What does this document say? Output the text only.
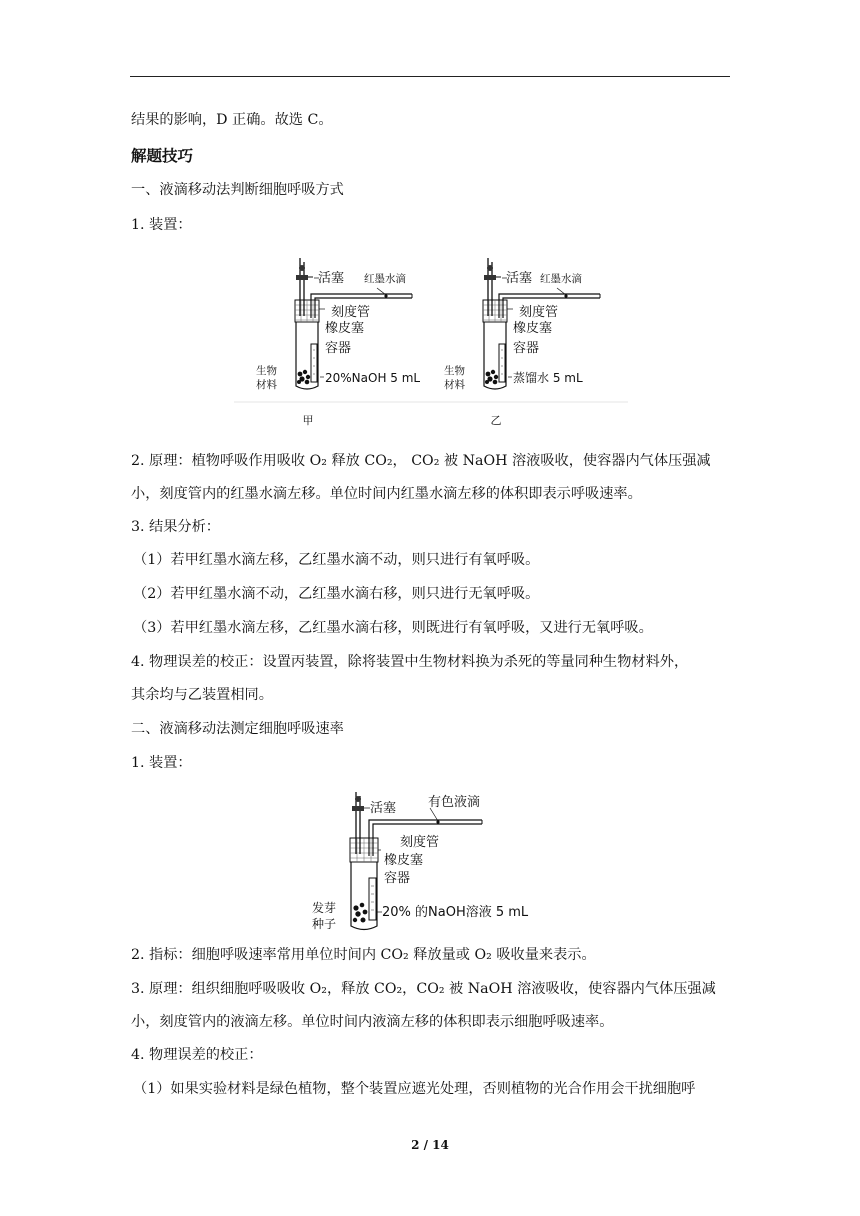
结果的影响，D 正确。故选 C。
解题技巧
一、液滴移动法判断细胞呼吸方式
1. 装置：
活塞 红墨水滴
刻度管
橡皮塞
容器
生物
材料	20%NaOH 5 mL
甲
活塞 红墨水滴
刻度管
橡皮塞
容器
生物
材料	蒸馏水 5 mL
乙
2. 原理：植物呼吸作用吸收 O₂ 释放 CO₂， CO₂ 被 NaOH 溶液吸收，使容器内气体压强减
小，刻度管内的红墨水滴左移。单位时间内红墨水滴左移的体积即表示呼吸速率。
3. 结果分析：
（1）若甲红墨水滴左移，乙红墨水滴不动，则只进行有氧呼吸。
（2）若甲红墨水滴不动，乙红墨水滴右移，则只进行无氧呼吸。
（3）若甲红墨水滴左移，乙红墨水滴右移，则既进行有氧呼吸，又进行无氧呼吸。
4. 物理误差的校正：设置丙装置，除将装置中生物材料换为杀死的等量同种生物材料外，
其余均与乙装置相同。
二、液滴移动法测定细胞呼吸速率
1. 装置：
活塞 有色液滴
刻度管
橡皮塞
容器
发芽
种子
20% 的NaOH溶液 5 mL
2. 指标：细胞呼吸速率常用单位时间内 CO₂ 释放量或 O₂ 吸收量来表示。
3. 原理：组织细胞呼吸吸收 O₂，释放 CO₂，CO₂ 被 NaOH 溶液吸收，使容器内气体压强减
小，刻度管内的液滴左移。单位时间内液滴左移的体积即表示细胞呼吸速率。
4. 物理误差的校正：
（1）如果实验材料是绿色植物，整个装置应遮光处理，否则植物的光合作用会干扰细胞呼
2 / 14
